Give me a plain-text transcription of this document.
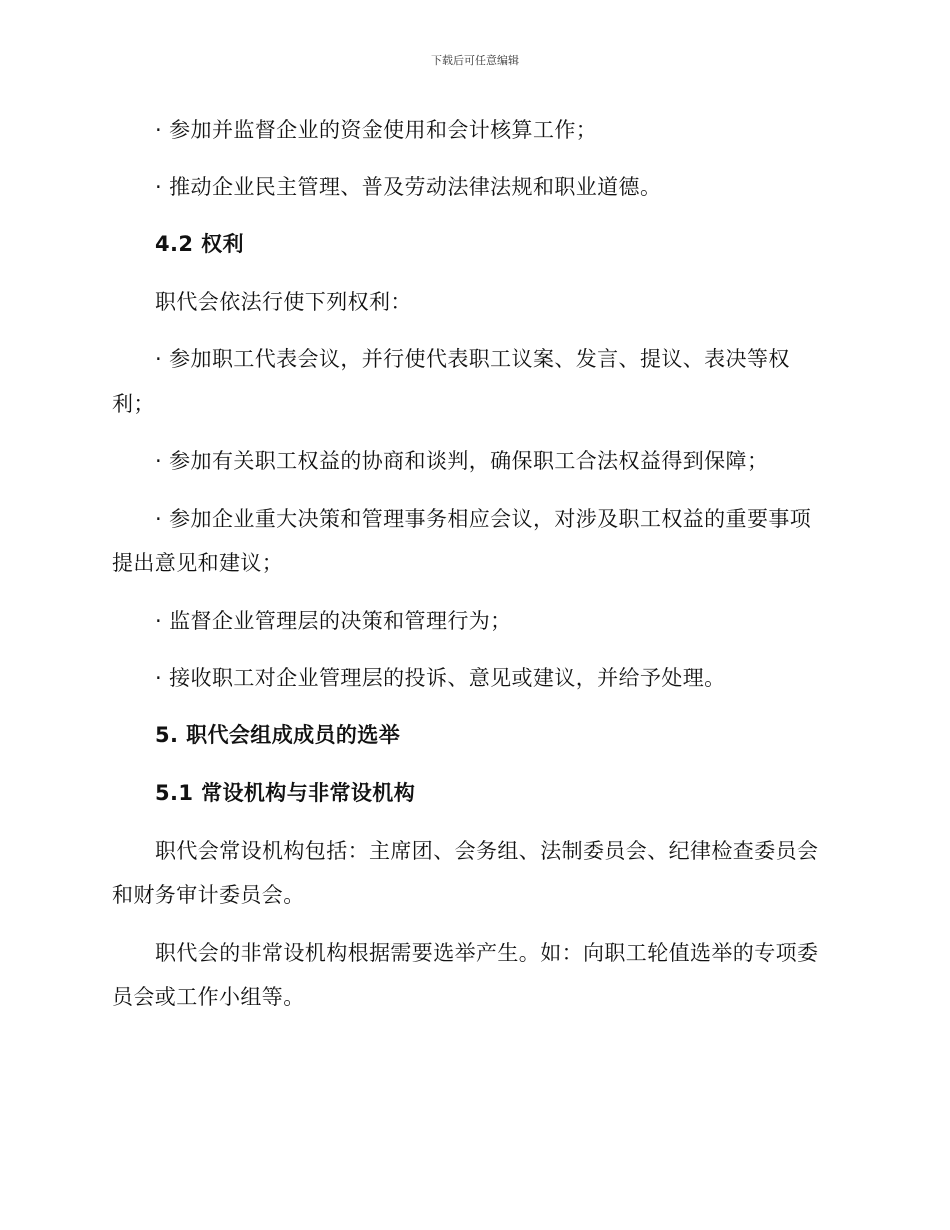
下载后可任意编辑
· 参加并监督企业的资金使用和会计核算工作；
· 推动企业民主管理、普及劳动法律法规和职业道德。
4.2 权利
职代会依法行使下列权利：
· 参加职工代表会议，并行使代表职工议案、发言、提议、表决等权
利；
· 参加有关职工权益的协商和谈判，确保职工合法权益得到保障；
· 参加企业重大决策和管理事务相应会议，对涉及职工权益的重要事项
提出意见和建议；
· 监督企业管理层的决策和管理行为；
· 接收职工对企业管理层的投诉、意见或建议，并给予处理。
5. 职代会组成成员的选举
5.1 常设机构与非常设机构
职代会常设机构包括：主席团、会务组、法制委员会、纪律检查委员会
和财务审计委员会。
职代会的非常设机构根据需要选举产生。如：向职工轮值选举的专项委
员会或工作小组等。
